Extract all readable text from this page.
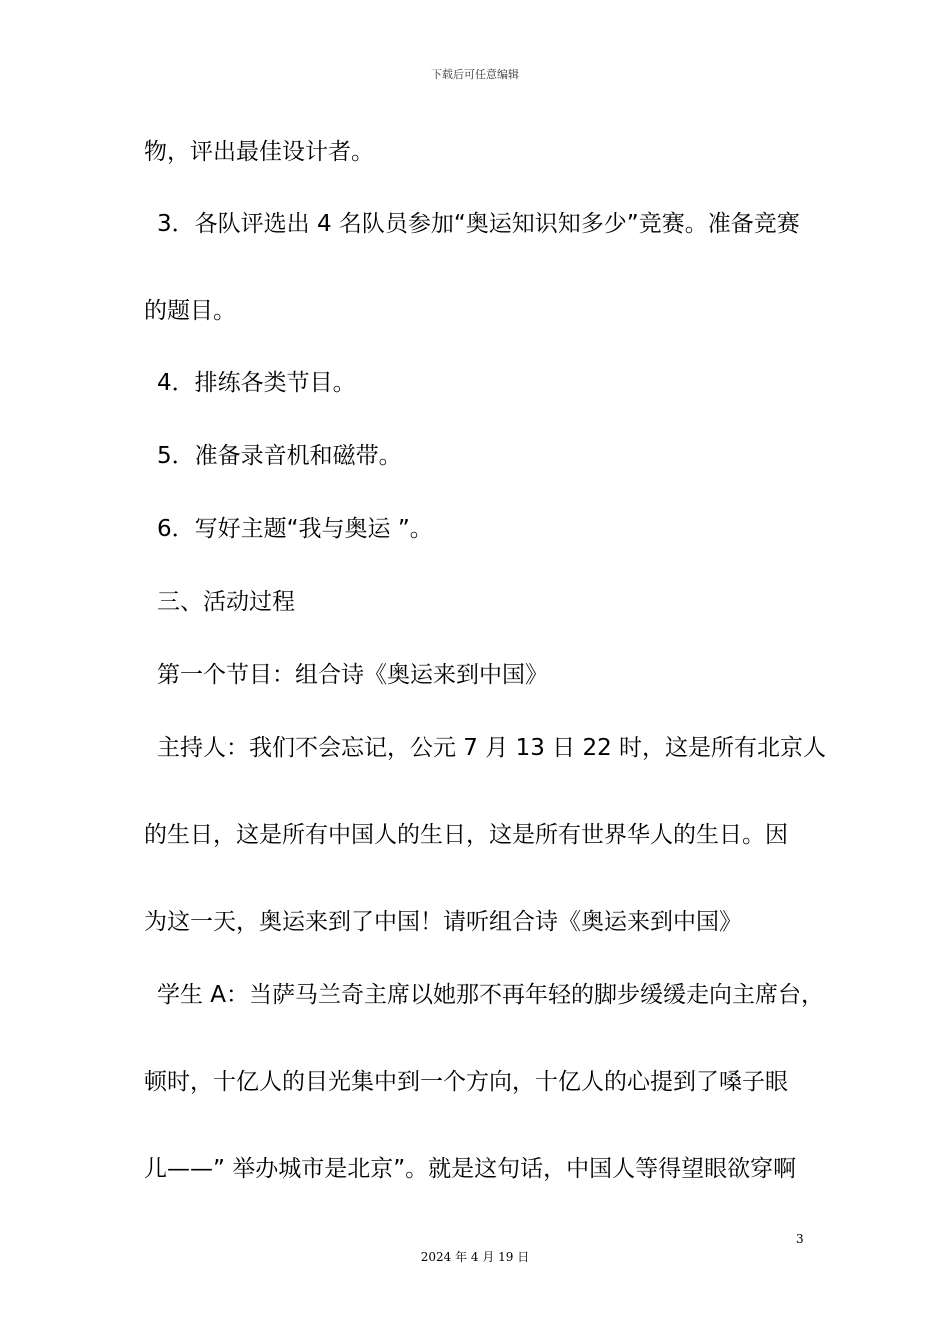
下载后可任意编辑
物，评出最佳设计者。
3．各队评选出 4 名队员参加“奥运知识知多少”竞赛。准备竞赛
的题目。
4．排练各类节目。
5．准备录音机和磁带。
6．写好主题“我与奥运 ”。
三、活动过程
第一个节目：组合诗《奥运来到中国》
主持人：我们不会忘记，公元 7 月 13 日 22 时，这是所有北京人
的生日，这是所有中国人的生日，这是所有世界华人的生日。因
为这一天，奥运来到了中国！请听组合诗《奥运来到中国》
学生 A：当萨马兰奇主席以她那不再年轻的脚步缓缓走向主席台，
顿时，十亿人的目光集中到一个方向，十亿人的心提到了嗓子眼
儿——” 举办城市是北京”。就是这句话，中国人等得望眼欲穿啊
3
2024 年 4 月 19 日
